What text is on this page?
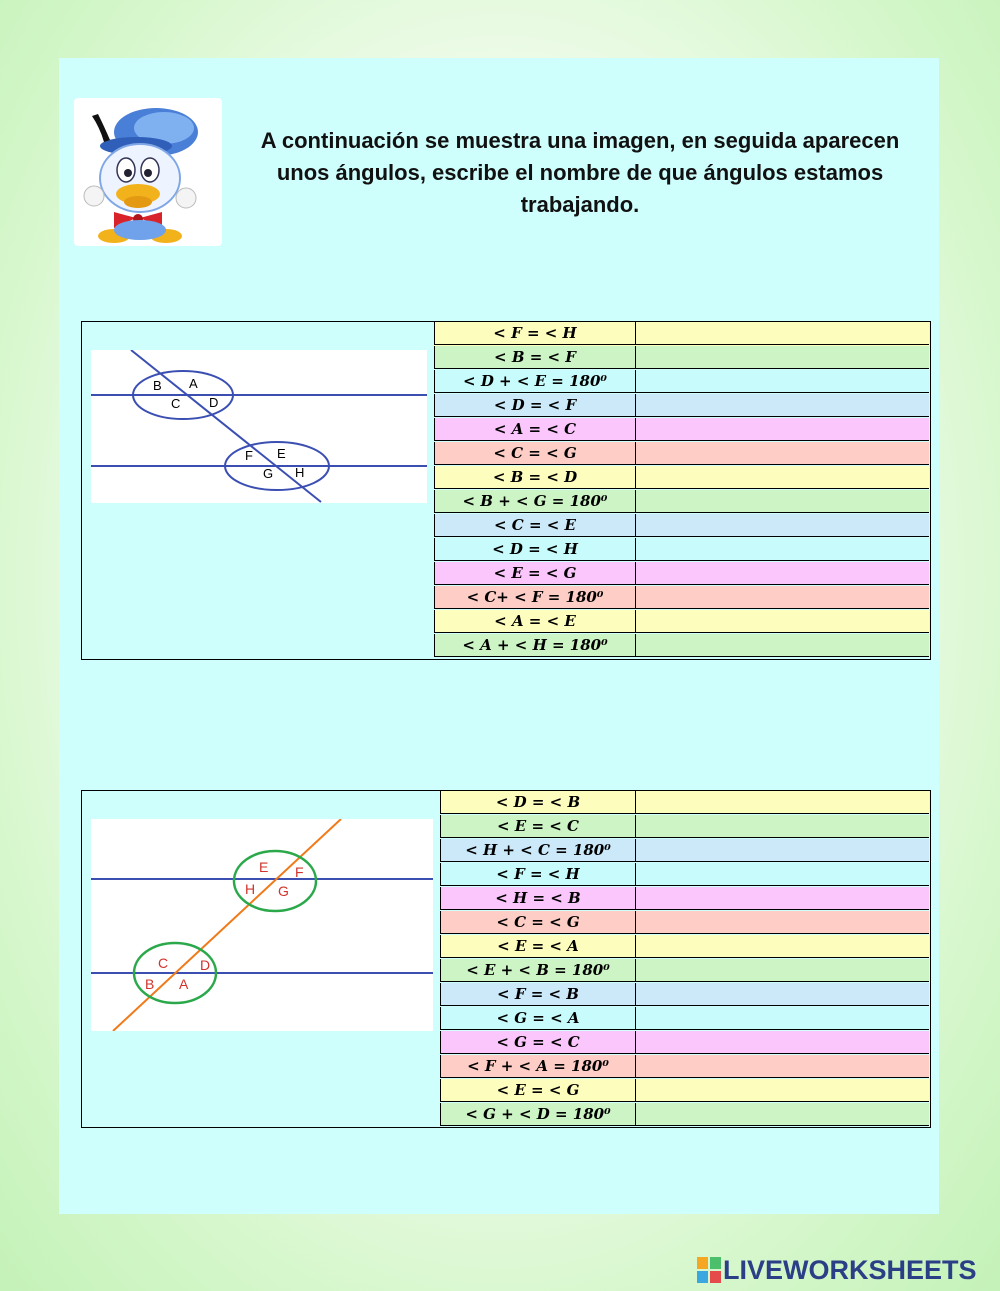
A continuación se muestra una imagen, en seguida aparecen unos ángulos, escribe el nombre de que ángulos estamos trabajando.
B A
C D
F E
G H
< F = < H
< B = < F
< D + < E = 180⁰
< D = < F
< A = < C
< C = < G
< B = < D
< B + < G = 180⁰
< C = < E
< D = < H
< E = < G
< C+ < F = 180⁰
< A = < E
< A + < H = 180⁰
E F
H G
C D
B A
< D = < B
< E = < C
< H + < C = 180⁰
< F = < H
< H = < B
< C = < G
< E = < A
< E + < B = 180⁰
< F = < B
< G = < A
< G = < C
< F + < A = 180⁰
< E = < G
< G + < D = 180⁰
LIVEWORKSHEETS
